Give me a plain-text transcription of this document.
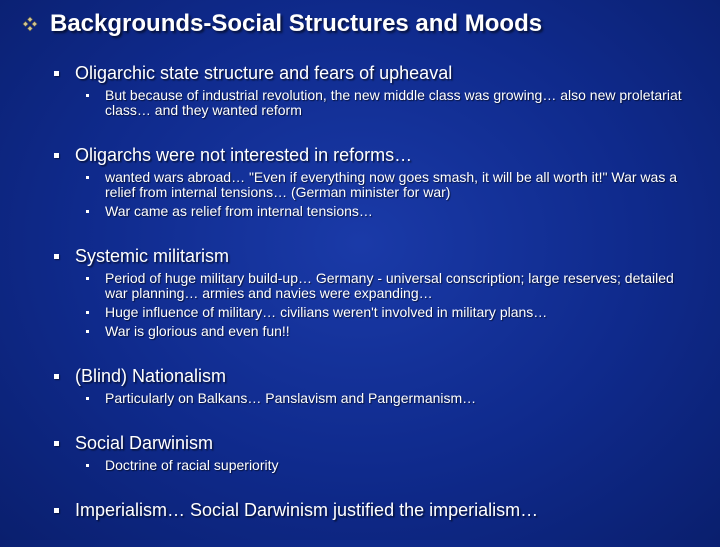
Backgrounds-Social Structures and Moods
Oligarchic state structure and fears of upheaval
But because of industrial revolution, the new middle class was growing… also new proletariat class… and they wanted reform
Oligarchs were not interested in reforms…
wanted wars abroad… "Even if everything now goes smash, it will be all worth it!" War was a relief from internal tensions… (German minister for war)
War came as relief from internal tensions…
Systemic militarism
Period of huge military build-up… Germany - universal conscription; large reserves; detailed war planning… armies and navies were expanding…
Huge influence of military… civilians weren't involved in military plans…
War is glorious and even fun!!
(Blind) Nationalism
Particularly on Balkans… Panslavism and Pangermanism…
Social Darwinism
Doctrine of racial superiority
Imperialism… Social Darwinism justified the imperialism…
